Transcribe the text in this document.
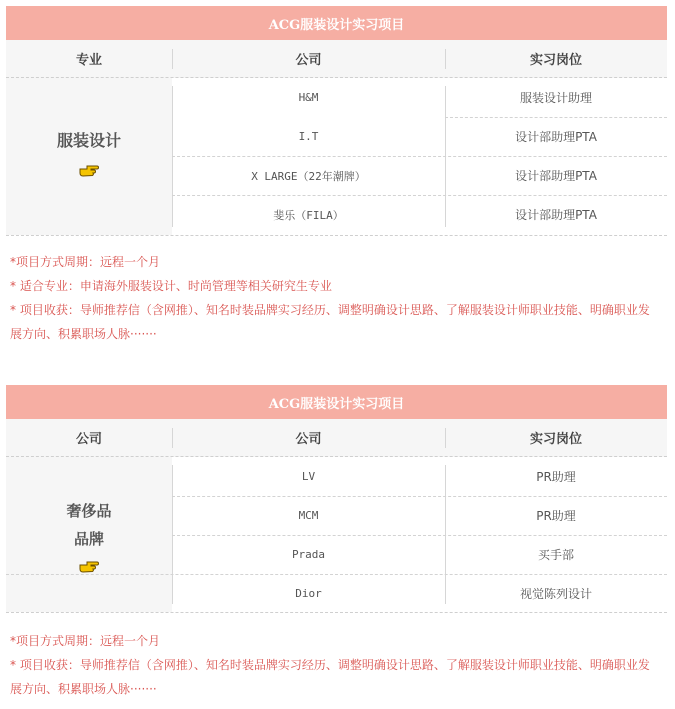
ACG服装设计实习项目
专业	公司	实习岗位
服装设计
H&M	服装设计助理
I.T	设计部助理PTA
X LARGE（22年潮牌）	设计部助理PTA
斐乐（FILA）	设计部助理PTA

*项目方式周期：远程一个月

* 适合专业：申请海外服装设计、时尚管理等相关研究生专业

* 项目收获：导师推荐信（含网推）、知名时装品牌实习经历、调整明确设计思路、了解服装设计师职业技能、明确职业发

展方向、积累职场人脉·······

ACG服装设计实习项目
公司	公司	实习岗位
奢侈品
品牌
LV	PR助理
MCM	PR助理
Prada	买手部
Dior	视觉陈列设计

*项目方式周期：远程一个月

* 项目收获：导师推荐信（含网推）、知名时装品牌实习经历、调整明确设计思路、了解服装设计师职业技能、明确职业发

展方向、积累职场人脉·······
